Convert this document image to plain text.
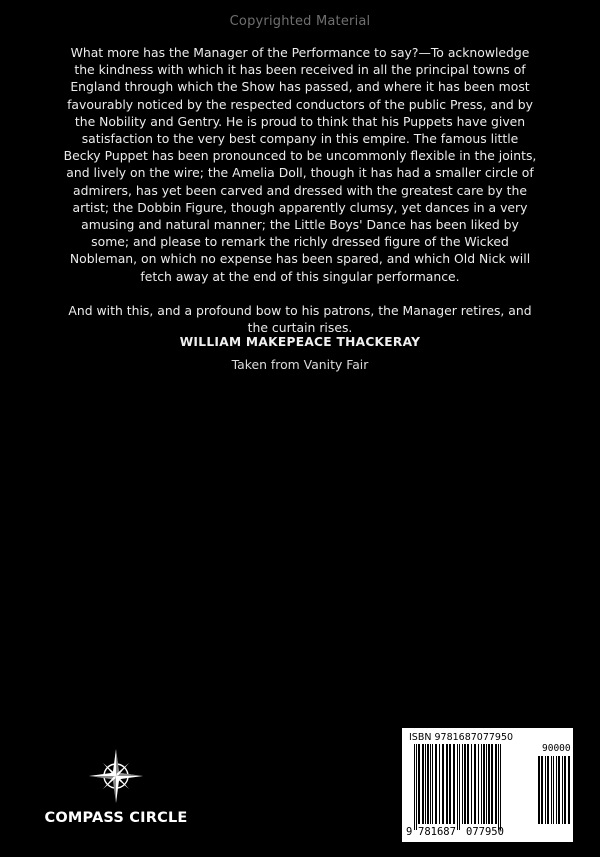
Copyrighted Material

What more has the Manager of the Performance to say?—To acknowledge the kindness with which it has been received in all the principal towns of England through which the Show has passed, and where it has been most favourably noticed by the respected conductors of the public Press, and by the Nobility and Gentry. He is proud to think that his Puppets have given satisfaction to the very best company in this empire. The famous little Becky Puppet has been pronounced to be uncommonly flexible in the joints, and lively on the wire; the Amelia Doll, though it has had a smaller circle of admirers, has yet been carved and dressed with the greatest care by the artist; the Dobbin Figure, though apparently clumsy, yet dances in a very amusing and natural manner; the Little Boys' Dance has been liked by some; and please to remark the richly dressed figure of the Wicked Nobleman, on which no expense has been spared, and which Old Nick will fetch away at the end of this singular performance.

And with this, and a profound bow to his patrons, the Manager retires, and the curtain rises.

WILLIAM MAKEPEACE THACKERAY
Taken from Vanity Fair
COMPASS CIRCLE
ISBN 9781687077950
90000
9 781687 077950
